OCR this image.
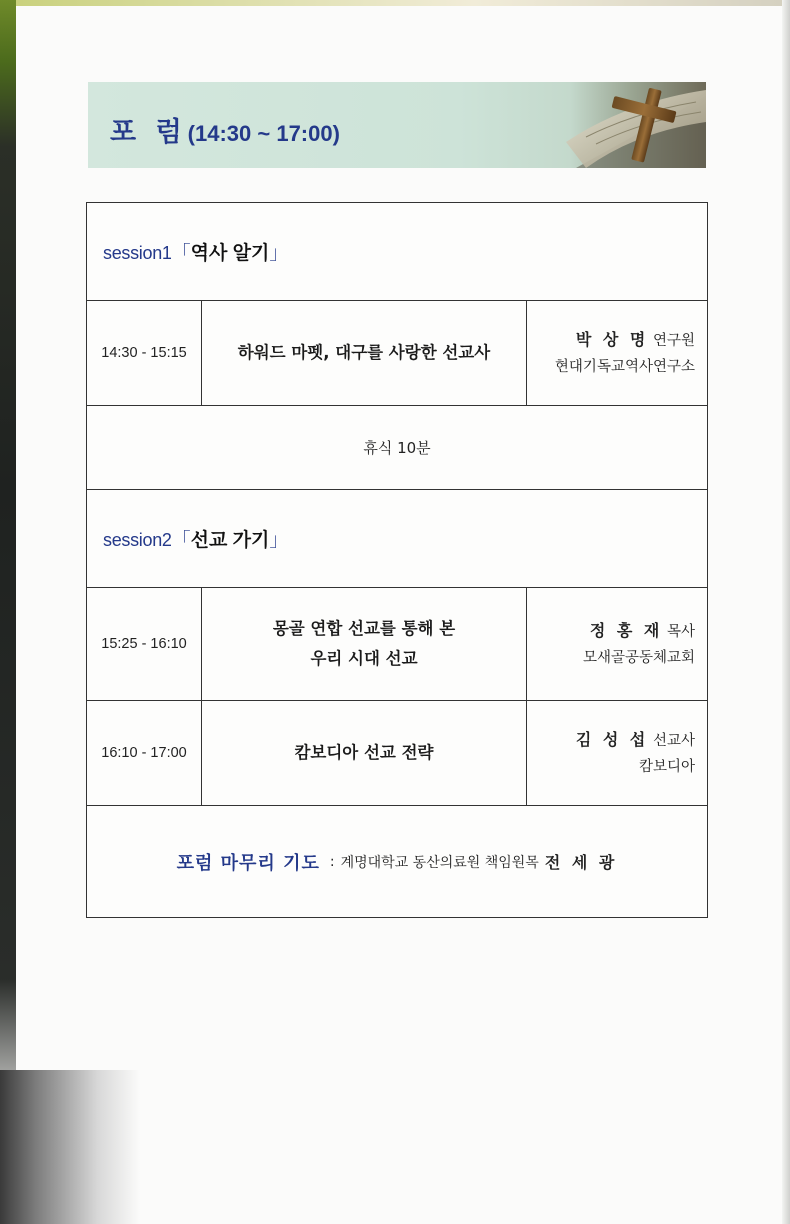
포 럼(14:30 ~ 17:00)
session1「역사 알기」
14:30 - 15:15	하워드 마펫, 대구를 사랑한 선교사
박 상 명 연구원
현대기독교역사연구소
휴식 10분
session2「선교 가기」
15:25 - 16:10
몽골 연합 선교를 통해 본
우리 시대 선교
정 홍 재 목사
모새골공동체교회
16:10 - 17:00	캄보디아 선교 전략
김 성 섭 선교사
캄보디아
포럼 마무리 기도 : 계명대학교 동산의료원 책임원목 전 세 광
